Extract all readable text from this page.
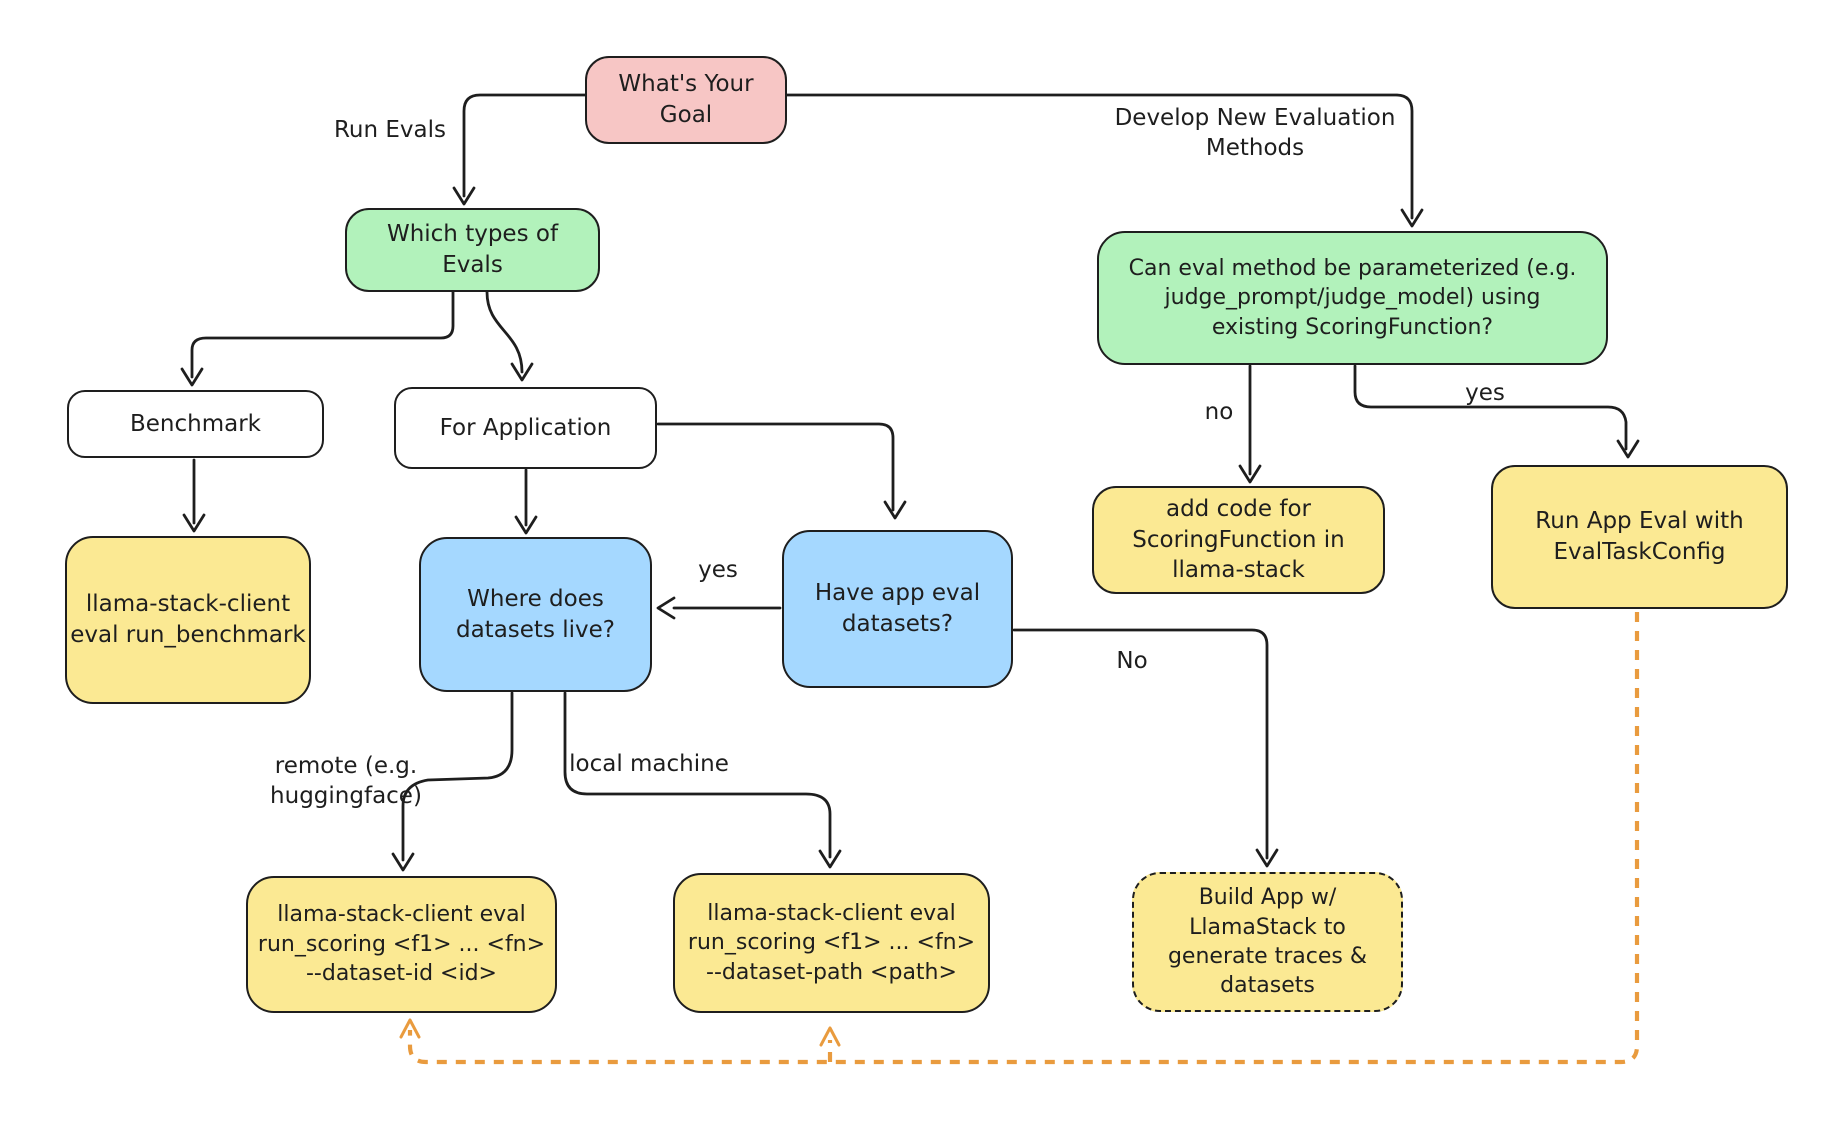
What's Your
Goal
Which types of
Evals	Can eval method be parameterized (e.g.
judge_prompt/judge_model) using
existing ScoringFunction?
Benchmark	For Application
llama-stack-client
eval run_benchmark
Where does
datasets live?
Have app eval
datasets?
add code for
ScoringFunction in
llama-stack
Run App Eval with
EvalTaskConfig
llama-stack-client eval
run_scoring <f1> ... <fn>
--dataset-id <id>
llama-stack-client eval
run_scoring <f1> ... <fn>
--dataset-path <path>
Build App w/
LlamaStack to
generate traces &
datasets
Run Evals	Develop New Evaluation Methods
yes
no
yes
No
remote (e.g. huggingface)
local machine
